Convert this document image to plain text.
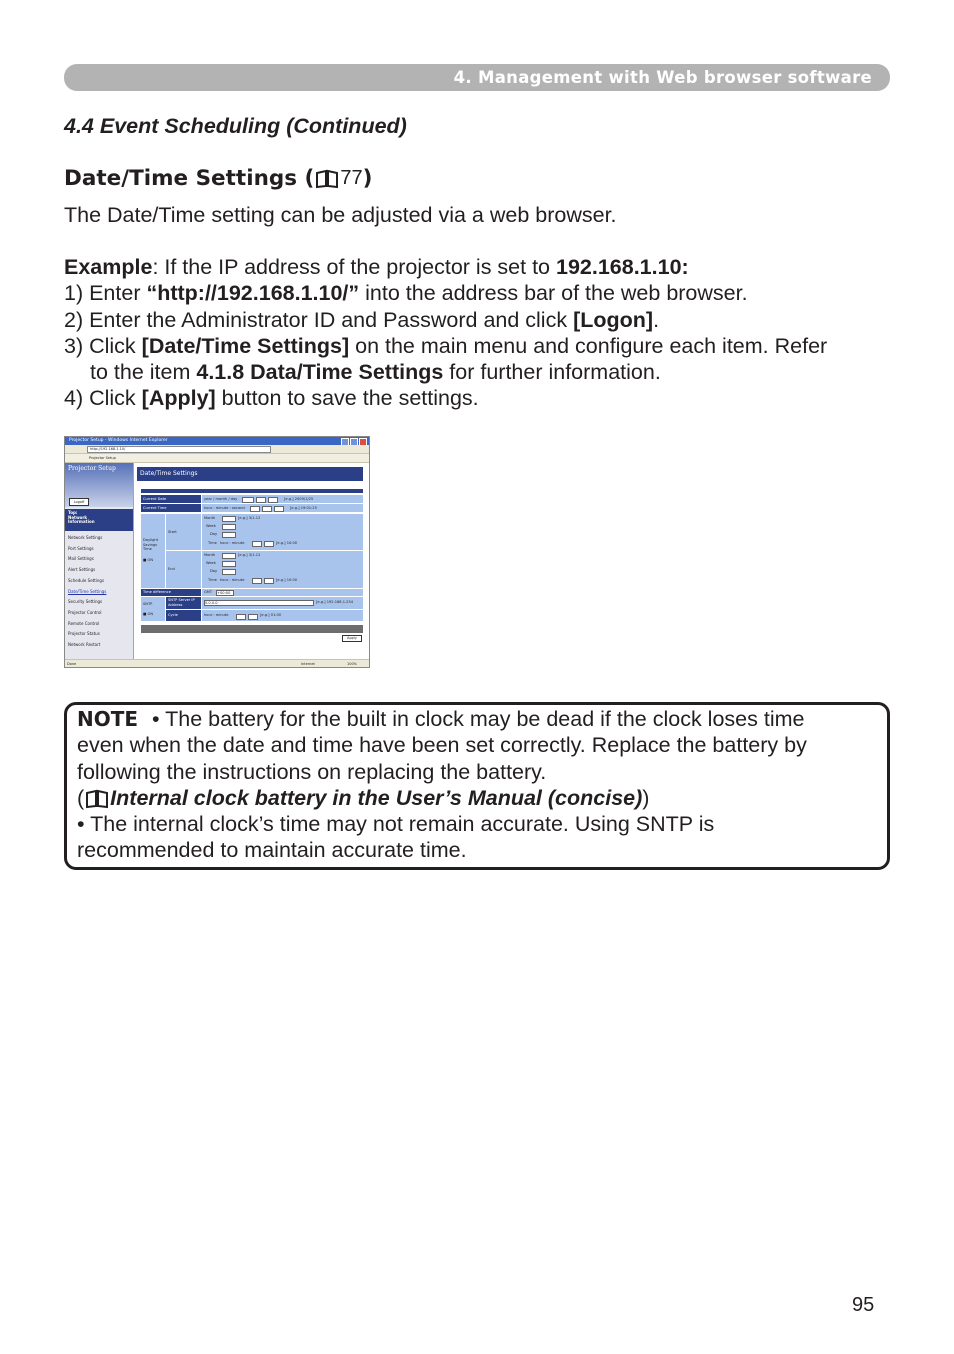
4. Management with Web browser software
4.4 Event Scheduling (Continued)
Date/Time Settings ( 77 )
The Date/Time setting can be adjusted via a web browser.
Example: If the IP address of the projector is set to 192.168.1.10:
1) Enter “http://192.168.1.10/” into the address bar of the web browser.
2) Enter the Administrator ID and Password and click [Logon].
3) Click [Date/Time Settings] on the main menu and configure each item. Refer
to the item 4.1.8 Data/Time Settings for further information.
4) Click [Apply] button to save the settings.
Projector Setup - Windows Internet Explorer
http://192.168.1.10/
Projector Setup
Projector Setup
Logoff
Top:
Network
Information
Network Settings
Port Settings
Mail Settings
Alert Settings
Schedule Settings
Date/Time Settings
Security Settings
Projector Control
Remote Control
Projector Status
Network Restart
Date/Time Settings
Current Date	year / month / day	[e.g.] 2009/1/25
Current Time	hour : minute : second	[e.g.] 19:01:25
Daylight Savings Time
■ ON
Start
Month	[e.g.] 3/1-12
Week
Day
Time hour : minute	[e.g.] 10:00
End
Month	[e.g.] 3/1-12
Week
Day
Time hour : minute	[e.g.] 10:00
Time difference	GMT +00:00
SNTP
■ ON
SNTP Server IP Address	0.0.0.0	[e.g.] 192.168.1.254
Cycle	hour : minute	[e.g.] 01:00
Apply
Done	Internet	100%
NOTE • The battery for the built in clock may be dead if the clock loses time
even when the date and time have been set correctly. Replace the battery by
following the instructions on replacing the battery.
( Internal clock battery in the User’s Manual (concise))
• The internal clock’s time may not remain accurate. Using SNTP is
recommended to maintain accurate time.
95
